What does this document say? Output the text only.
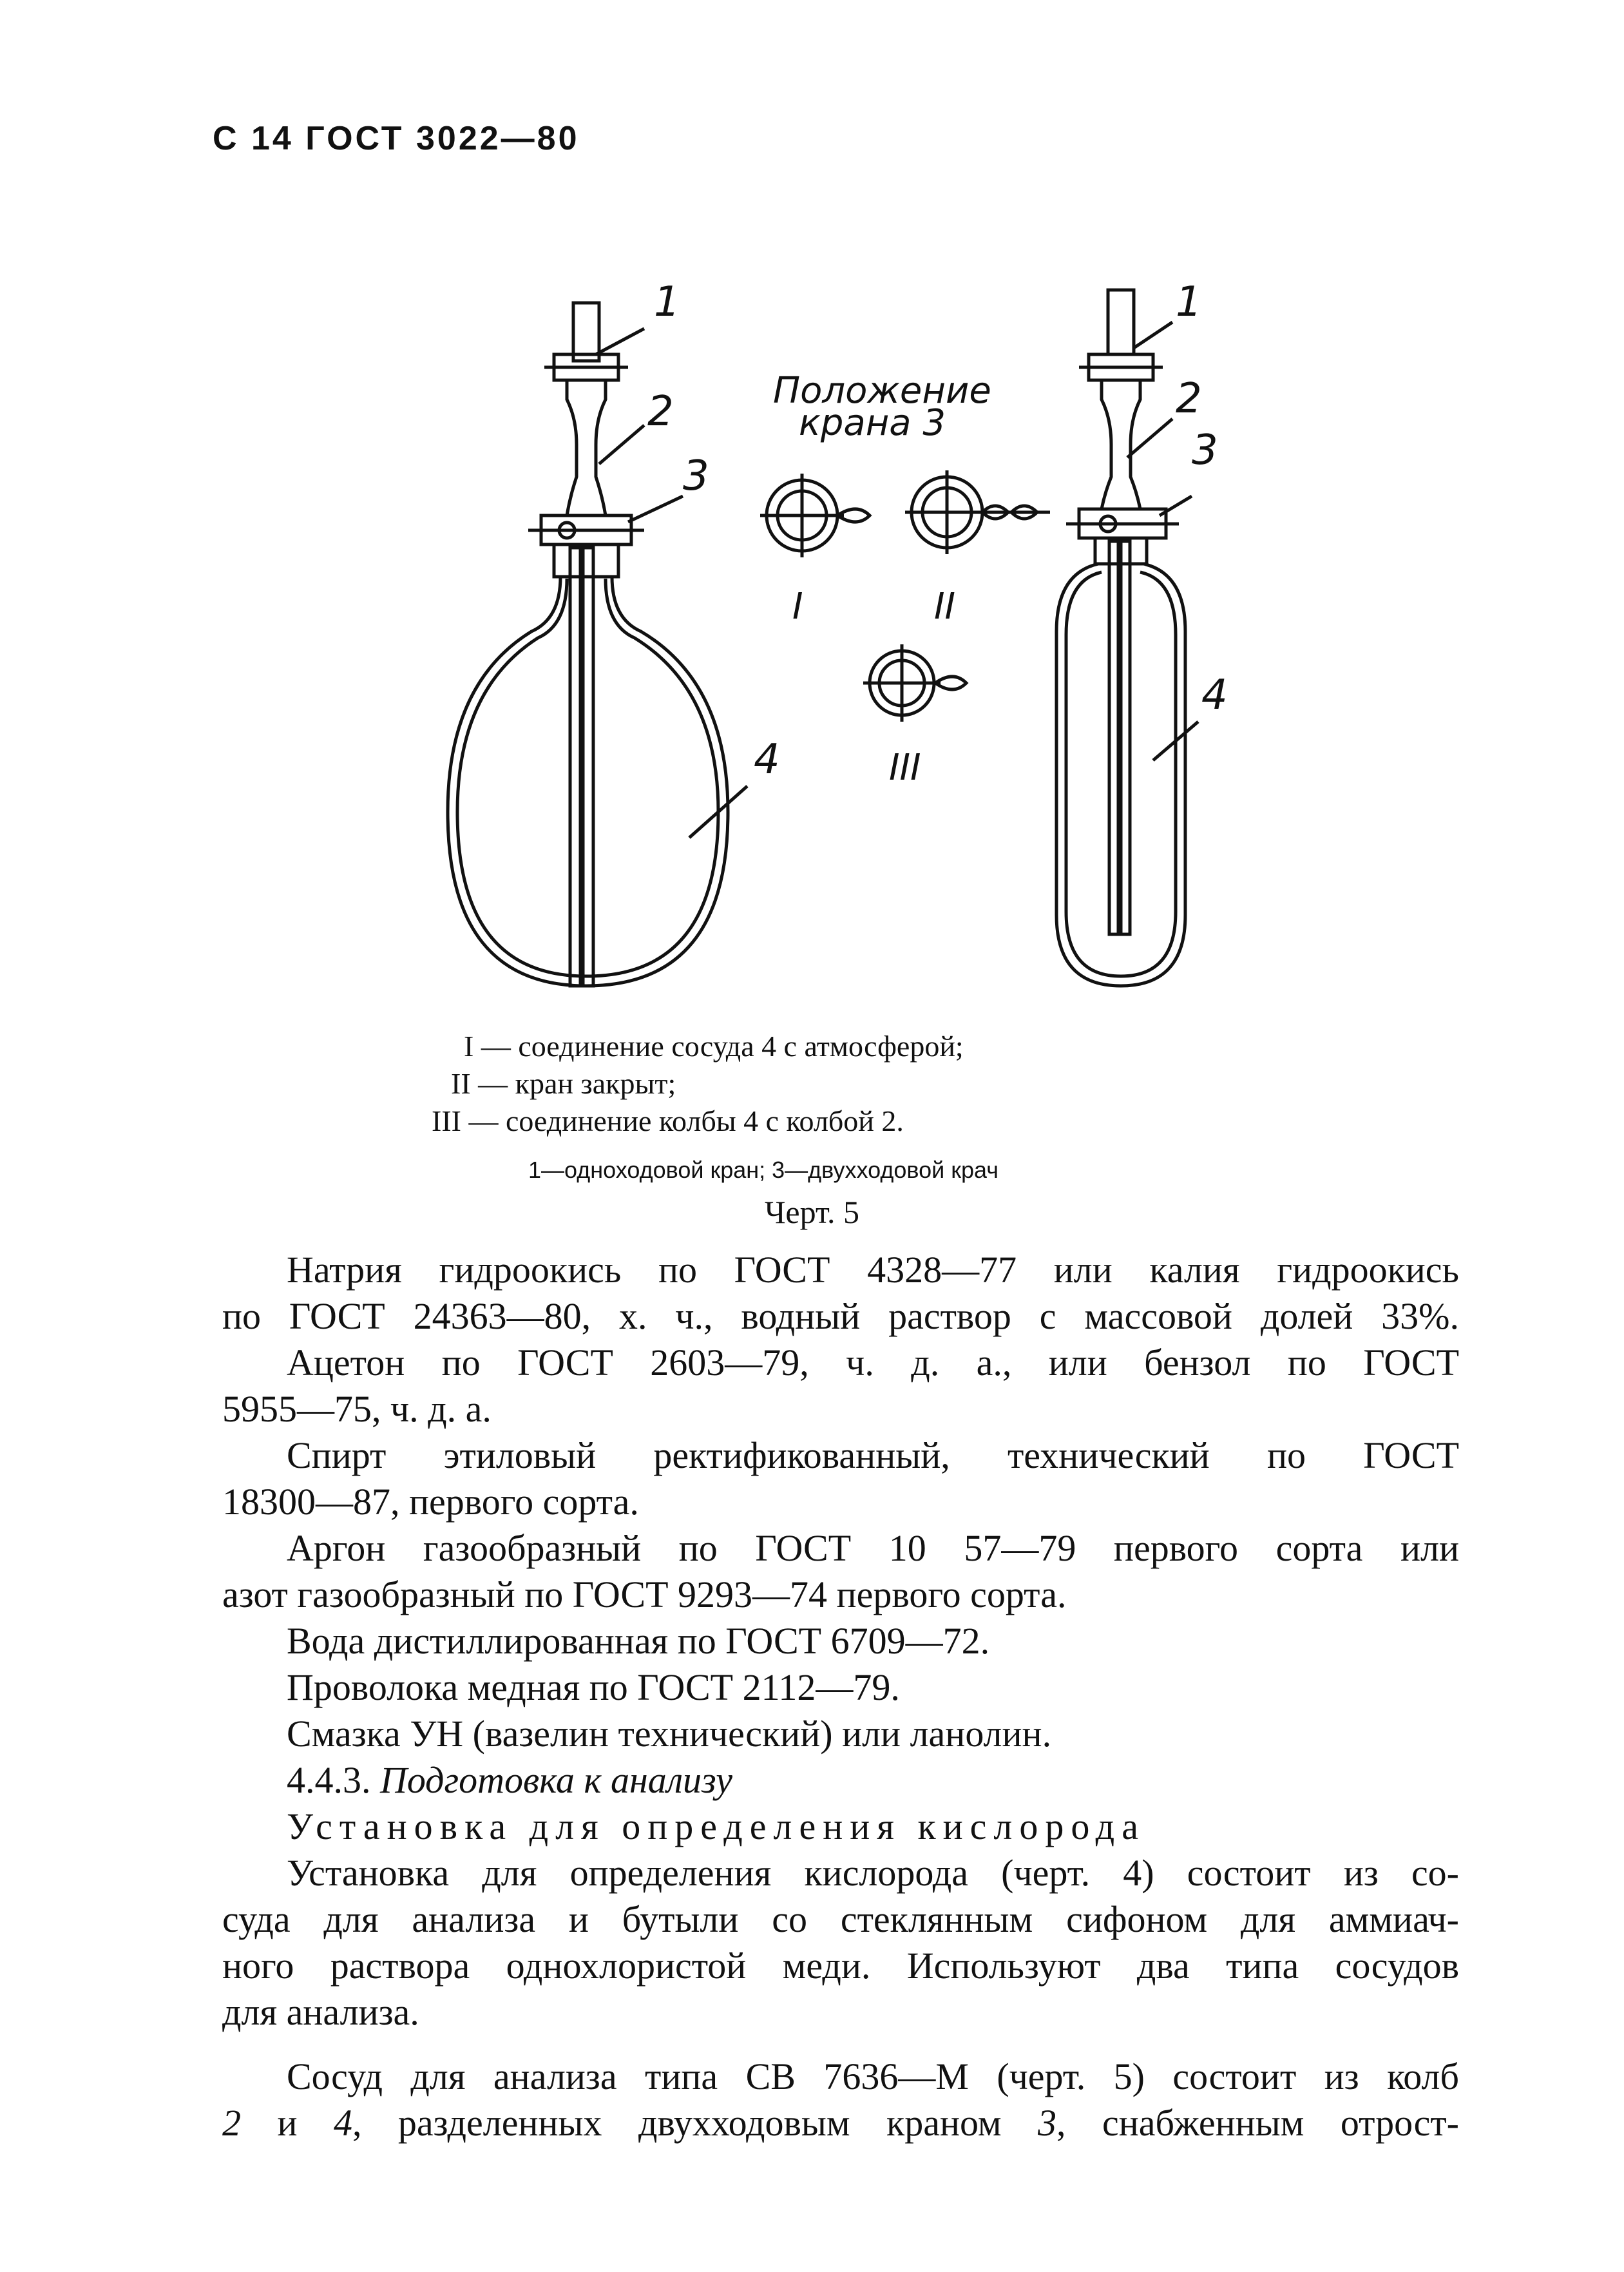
С 14 ГОСТ 3022—80
1
2
3
4
1
2
3
4
Положение
крана 3
I	II
III
I — соединение сосуда 4 с атмосферой;
II — кран закрыт;
III — соединение колбы 4 с колбой 2.
1—одноходовой кран; 3—двухходовой крач
Черт. 5

Натрия гидроокись по ГОСТ 4328—77 или калия гидроокись

по ГОСТ 24363—80, х. ч., водный раствор с массовой долей 33%.

Ацетон по ГОСТ 2603—79, ч. д. а., или бензол по ГОСТ

5955—75, ч. д. а.

Спирт этиловый ректификованный, технический по ГОСТ

18300—87, первого сорта.

Аргон газообразный по ГОСТ 10 57—79 первого сорта или

азот газообразный по ГОСТ 9293—74 первого сорта.

Вода дистиллированная по ГОСТ 6709—72.

Проволока медная по ГОСТ 2112—79.

Смазка УН (вазелин технический) или ланолин.

4.4.3. Подготовка к анализу

Установка для определения кислорода

Установка для определения кислорода (черт. 4) состоит из со-

суда для анализа и бутыли со стеклянным сифоном для аммиач-

ного раствора однохлористой меди. Используют два типа сосудов

для анализа.

Сосуд для анализа типа СВ 7636—М (черт. 5) состоит из колб

2 и 4, разделенных двухходовым краном 3, снабженным отрост-
